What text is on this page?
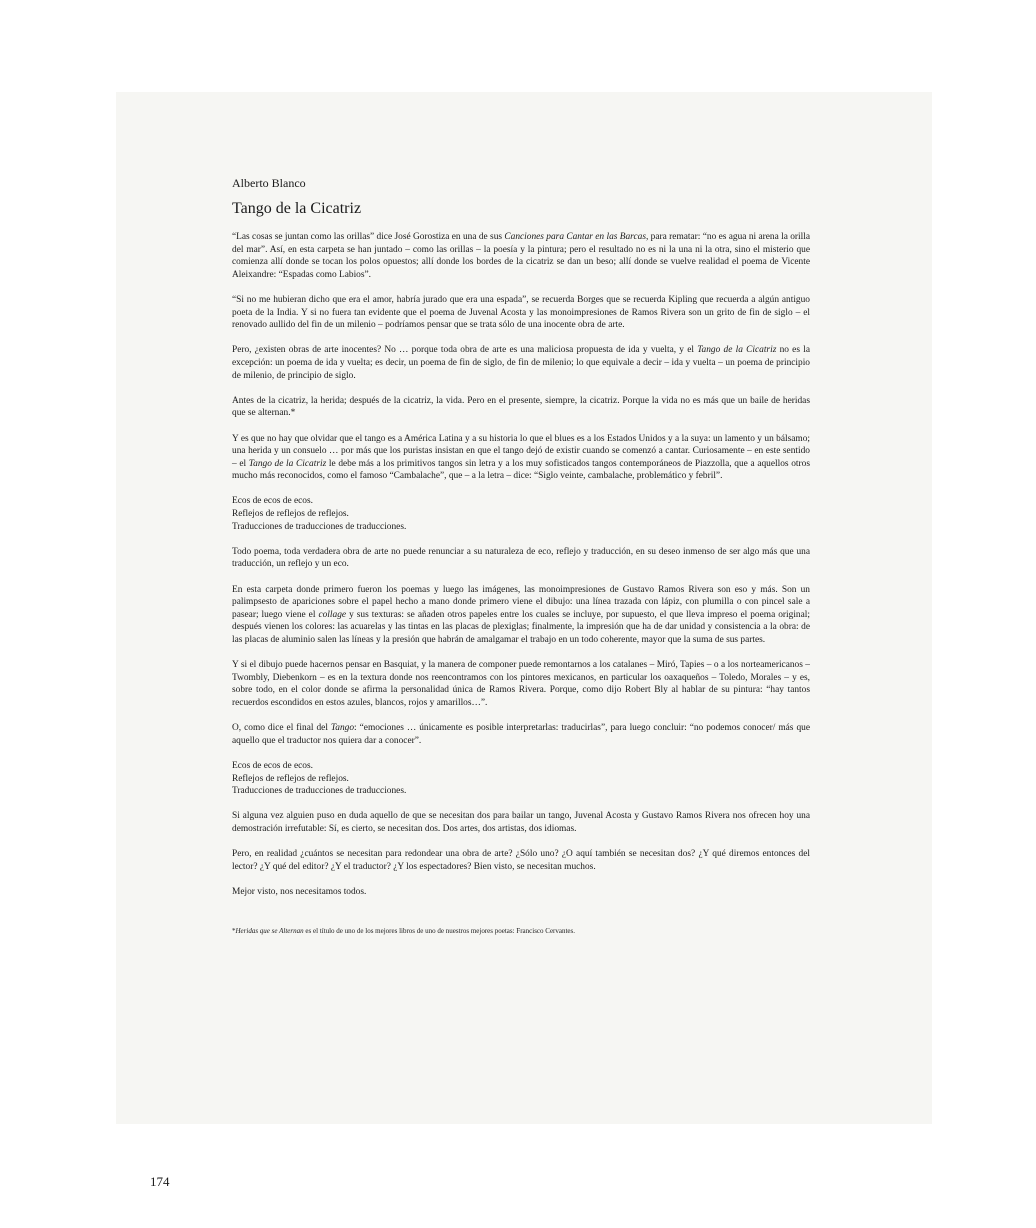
Alberto Blanco
Tango de la Cicatriz

“Las cosas se juntan como las orillas” dice José Gorostiza en una de sus Canciones para Cantar en las Barcas, para rematar: “no es agua ni arena la orilla del mar”. Así, en esta carpeta se han juntado – como las orillas – la poesía y la pintura; pero el resultado no es ni la una ni la otra, sino el misterio que comienza allí donde se tocan los polos opuestos; allí donde los bordes de la cicatriz se dan un beso; allí donde se vuelve realidad el poema de Vicente Aleixandre: “Espadas como Labios”.

“Si no me hubieran dicho que era el amor, habría jurado que era una espada”, se recuerda Borges que se recuerda Kipling que recuerda a algún antiguo poeta de la India. Y si no fuera tan evidente que el poema de Juvenal Acosta y las monoimpresiones de Ramos Rivera son un grito de fin de siglo – el renovado aullido del fin de un milenio – podríamos pensar que se trata sólo de una inocente obra de arte.

Pero, ¿existen obras de arte inocentes? No … porque toda obra de arte es una maliciosa propuesta de ida y vuelta, y el Tango de la Cicatriz no es la excepción: un poema de ida y vuelta; es decir, un poema de fin de siglo, de fin de milenio; lo que equivale a decir – ida y vuelta – un poema de principio de milenio, de principio de siglo.

Antes de la cicatriz, la herida; después de la cicatriz, la vida. Pero en el presente, siempre, la cicatriz. Porque la vida no es más que un baile de heridas que se alternan.*

Y es que no hay que olvidar que el tango es a América Latina y a su historia lo que el blues es a los Estados Unidos y a la suya: un lamento y un bálsamo; una herida y un consuelo … por más que los puristas insistan en que el tango dejó de existir cuando se comenzó a cantar. Curiosamente – en este sentido – el Tango de la Cicatriz le debe más a los primitivos tangos sin letra y a los muy sofisticados tangos contemporáneos de Piazzolla, que a aquellos otros mucho más reconocidos, como el famoso “Cambalache”, que – a la letra – dice: “Siglo veinte, cambalache, problemático y febril”.

Ecos de ecos de ecos.
Reflejos de reflejos de reflejos.
Traducciones de traducciones de traducciones.

Todo poema, toda verdadera obra de arte no puede renunciar a su naturaleza de eco, reflejo y traducción, en su deseo inmenso de ser algo más que una traducción, un reflejo y un eco.

En esta carpeta donde primero fueron los poemas y luego las imágenes, las monoimpresiones de Gustavo Ramos Rivera son eso y más. Son un palimpsesto de apariciones sobre el papel hecho a mano donde primero viene el dibujo: una línea trazada con lápiz, con plumilla o con pincel sale a pasear; luego viene el collage y sus texturas: se añaden otros papeles entre los cuales se incluye, por supuesto, el que lleva impreso el poema original; después vienen los colores: las acuarelas y las tintas en las placas de plexiglas; finalmente, la impresión que ha de dar unidad y consistencia a la obra: de las placas de aluminio salen las líneas y la presión que habrán de amalgamar el trabajo en un todo coherente, mayor que la suma de sus partes.

Y si el dibujo puede hacernos pensar en Basquiat, y la manera de componer puede remontarnos a los catalanes – Miró, Tapies – o a los norteamericanos – Twombly, Diebenkorn – es en la textura donde nos reencontramos con los pintores mexicanos, en particular los oaxaqueños – Toledo, Morales – y es, sobre todo, en el color donde se afirma la personalidad única de Ramos Rivera. Porque, como dijo Robert Bly al hablar de su pintura: “hay tantos recuerdos escondidos en estos azules, blancos, rojos y amarillos…”.

O, como dice el final del Tango: “emociones … únicamente es posible interpretarlas: traducirlas”, para luego concluir: “no podemos conocer/ más que aquello que el traductor nos quiera dar a conocer”.

Ecos de ecos de ecos.
Reflejos de reflejos de reflejos.
Traducciones de traducciones de traducciones.

Si alguna vez alguien puso en duda aquello de que se necesitan dos para bailar un tango, Juvenal Acosta y Gustavo Ramos Rivera nos ofrecen hoy una demostración irrefutable: Sí, es cierto, se necesitan dos. Dos artes, dos artistas, dos idiomas.

Pero, en realidad ¿cuántos se necesitan para redondear una obra de arte? ¿Sólo uno? ¿O aquí también se necesitan dos? ¿Y qué diremos entonces del lector? ¿Y qué del editor? ¿Y el traductor? ¿Y los espectadores? Bien visto, se necesitan muchos.

Mejor visto, nos necesitamos todos.

*Heridas que se Alternan es el título de uno de los mejores libros de uno de nuestros mejores poetas: Francisco Cervantes.
174
